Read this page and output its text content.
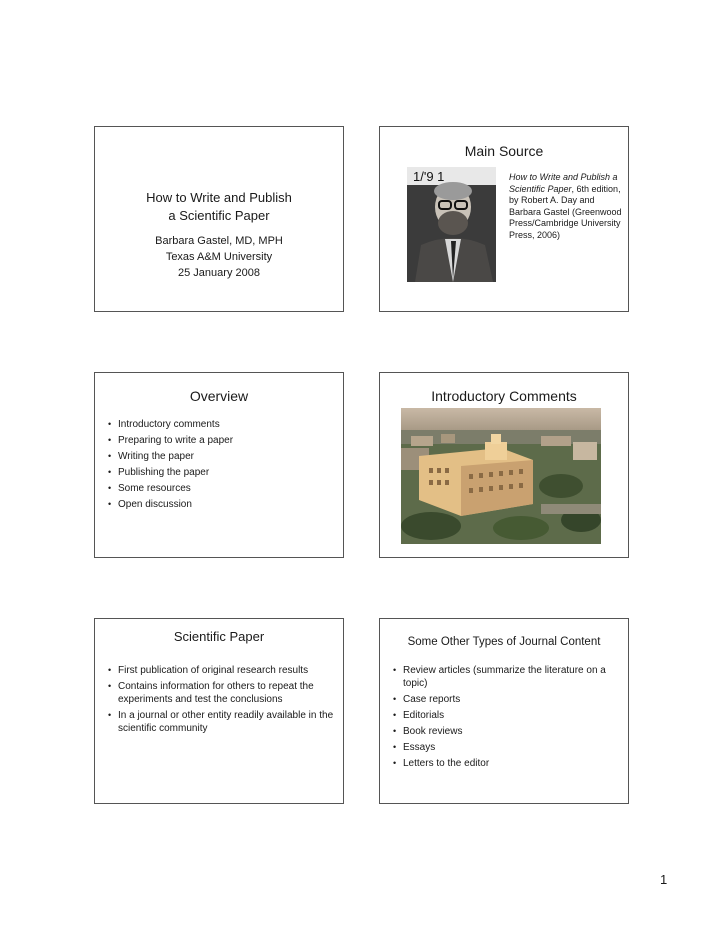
How to Write and Publish
a Scientific Paper
Barbara Gastel, MD, MPH
Texas A&M University
25 January 2008
Main Source
1/'9 1	How to Write and Publish a Scientific Paper, 6th edition, by Robert A. Day and Barbara Gastel (Greenwood Press/Cambridge University Press, 2006)
Overview
• Introductory comments
• Preparing to write a paper
• Writing the paper
• Publishing the paper
• Some resources
• Open discussion
Introductory Comments
Scientific Paper
• First publication of original research results
• Contains information for others to repeat the experiments and test the conclusions
• In a journal or other entity readily available in the scientific community
Some Other Types of Journal Content
• Review articles (summarize the literature on a topic)
• Case reports
• Editorials
• Book reviews
• Essays
• Letters to the editor
1
